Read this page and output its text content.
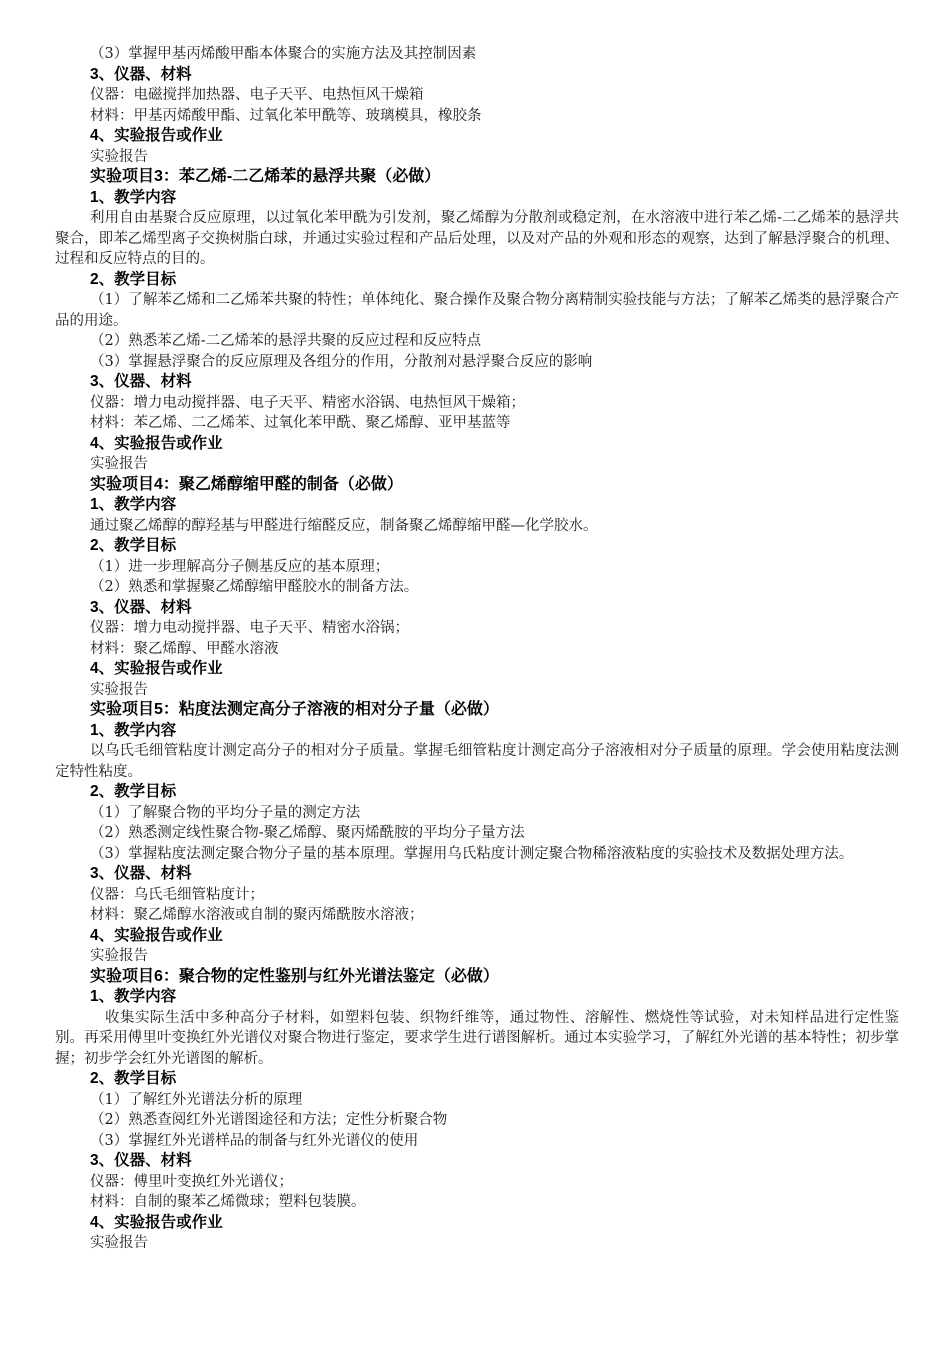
（3）掌握甲基丙烯酸甲酯本体聚合的实施方法及其控制因素

3、仪器、材料

仪器：电磁搅拌加热器、电子天平、电热恒风干燥箱

材料：甲基丙烯酸甲酯、过氧化苯甲酰等、玻璃模具，橡胶条

4、实验报告或作业

实验报告

实验项目3：苯乙烯-二乙烯苯的悬浮共聚（必做）

1、教学内容

利用自由基聚合反应原理，以过氧化苯甲酰为引发剂，聚乙烯醇为分散剂或稳定剂，在水溶液中进行苯乙烯-二乙烯苯的悬浮共聚合，即苯乙烯型离子交换树脂白球，并通过实验过程和产品后处理，以及对产品的外观和形态的观察，达到了解悬浮聚合的机理、过程和反应特点的目的。

2、教学目标

（1）了解苯乙烯和二乙烯苯共聚的特性；单体纯化、聚合操作及聚合物分离精制实验技能与方法；了解苯乙烯类的悬浮聚合产品的用途。

（2）熟悉苯乙烯-二乙烯苯的悬浮共聚的反应过程和反应特点

（3）掌握悬浮聚合的反应原理及各组分的作用，分散剂对悬浮聚合反应的影响

3、仪器、材料

仪器：增力电动搅拌器、电子天平、精密水浴锅、电热恒风干燥箱；

材料：苯乙烯、二乙烯苯、过氧化苯甲酰、聚乙烯醇、亚甲基蓝等

4、实验报告或作业

实验报告

实验项目4：聚乙烯醇缩甲醛的制备（必做）

1、教学内容

通过聚乙烯醇的醇羟基与甲醛进行缩醛反应，制备聚乙烯醇缩甲醛—化学胶水。

2、教学目标

（1）进一步理解高分子侧基反应的基本原理；

（2）熟悉和掌握聚乙烯醇缩甲醛胶水的制备方法。

3、仪器、材料

仪器：增力电动搅拌器、电子天平、精密水浴锅；

材料：聚乙烯醇、甲醛水溶液

4、实验报告或作业

实验报告

实验项目5：粘度法测定高分子溶液的相对分子量（必做）

1、教学内容

以乌氏毛细管粘度计测定高分子的相对分子质量。掌握毛细管粘度计测定高分子溶液相对分子质量的原理。学会使用粘度法测定特性粘度。

2、教学目标

（1）了解聚合物的平均分子量的测定方法

（2）熟悉测定线性聚合物-聚乙烯醇、聚丙烯酰胺的平均分子量方法

（3）掌握粘度法测定聚合物分子量的基本原理。掌握用乌氏粘度计测定聚合物稀溶液粘度的实验技术及数据处理方法。

3、仪器、材料

仪器：乌氏毛细管粘度计；

材料：聚乙烯醇水溶液或自制的聚丙烯酰胺水溶液；

4、实验报告或作业

实验报告

实验项目6：聚合物的定性鉴别与红外光谱法鉴定（必做）

1、教学内容

收集实际生活中多种高分子材料，如塑料包装、织物纤维等，通过物性、溶解性、燃烧性等试验，对未知样品进行定性鉴别。再采用傅里叶变换红外光谱仪对聚合物进行鉴定，要求学生进行谱图解析。通过本实验学习，了解红外光谱的基本特性；初步掌握；初步学会红外光谱图的解析。

2、教学目标

（1）了解红外光谱法分析的原理

（2）熟悉查阅红外光谱图途径和方法；定性分析聚合物

（3）掌握红外光谱样品的制备与红外光谱仪的使用

3、仪器、材料

仪器：傅里叶变换红外光谱仪；

材料：自制的聚苯乙烯微球；塑料包装膜。

4、实验报告或作业

实验报告
